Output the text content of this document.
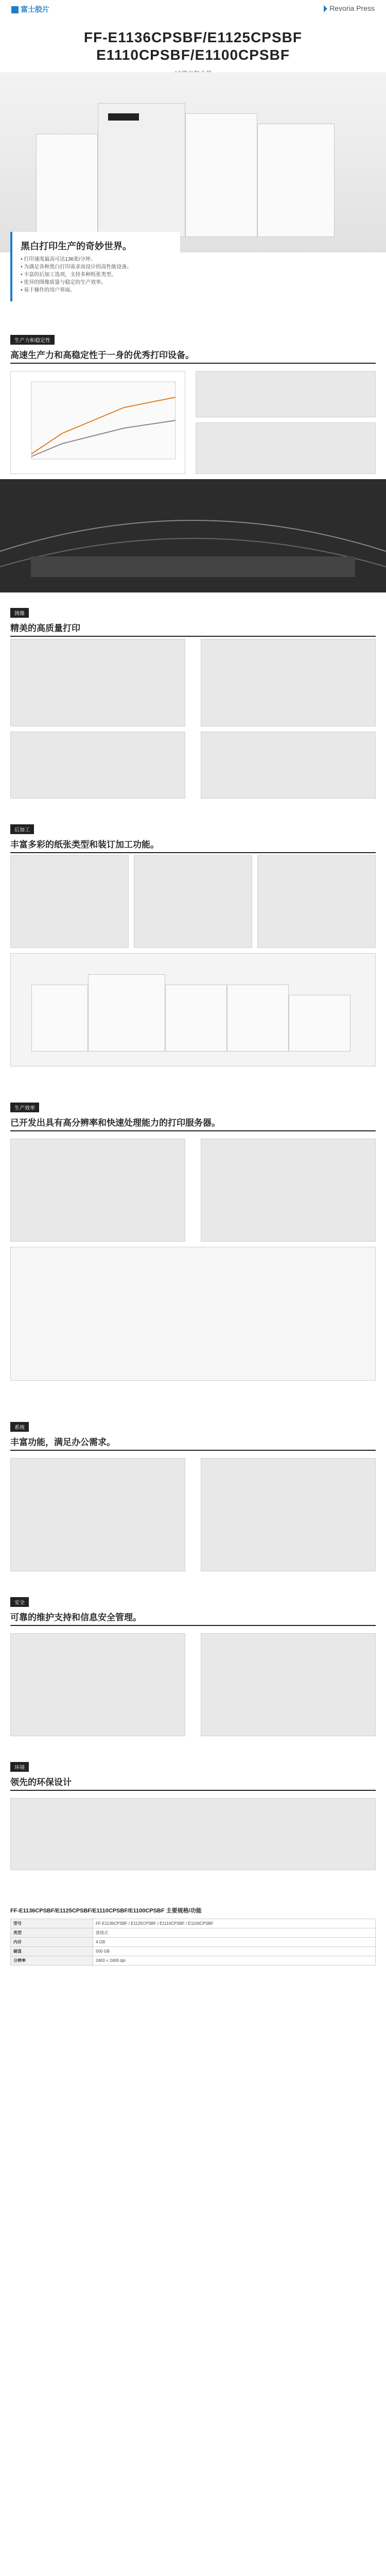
富士胶片	Revoria Press
FF-E1136CPSBF/E1125CPSBF
E1110CPSBF/E1100CPSBF
黑白打印生产的奇妙世界。
• 打印速度最高可达136张/分钟。
• 为满足各种黑白打印需求而设计的高性能设备。
• 丰富的后加工选项，支持多种纸张类型。
• 优异的图像质量与稳定的生产效率。
• 易于操作的用户界面。
生产力和稳定性
高速生产力和高稳定性于一身的优秀打印设备。
图像
精美的高质量打印
后加工
丰富多彩的纸张类型和装订加工功能。
生产效率
已开发出具有高分辨率和快速处理能力的打印服务器。
系统
丰富功能，满足办公需求。
安全
可靠的维护支持和信息安全管理。
环境
领先的环保设计
FF-E1136CPSBF/E1125CPSBF/E1110CPSBF/E1100CPSBF 主要规格/功能
型号	FF-E1136CPSBF / E1125CPSBF / E1110CPSBF / E1100CPSBF
类型	落地式
内存	4 GB
硬盘	500 GB
分辨率	2400 × 2400 dpi
